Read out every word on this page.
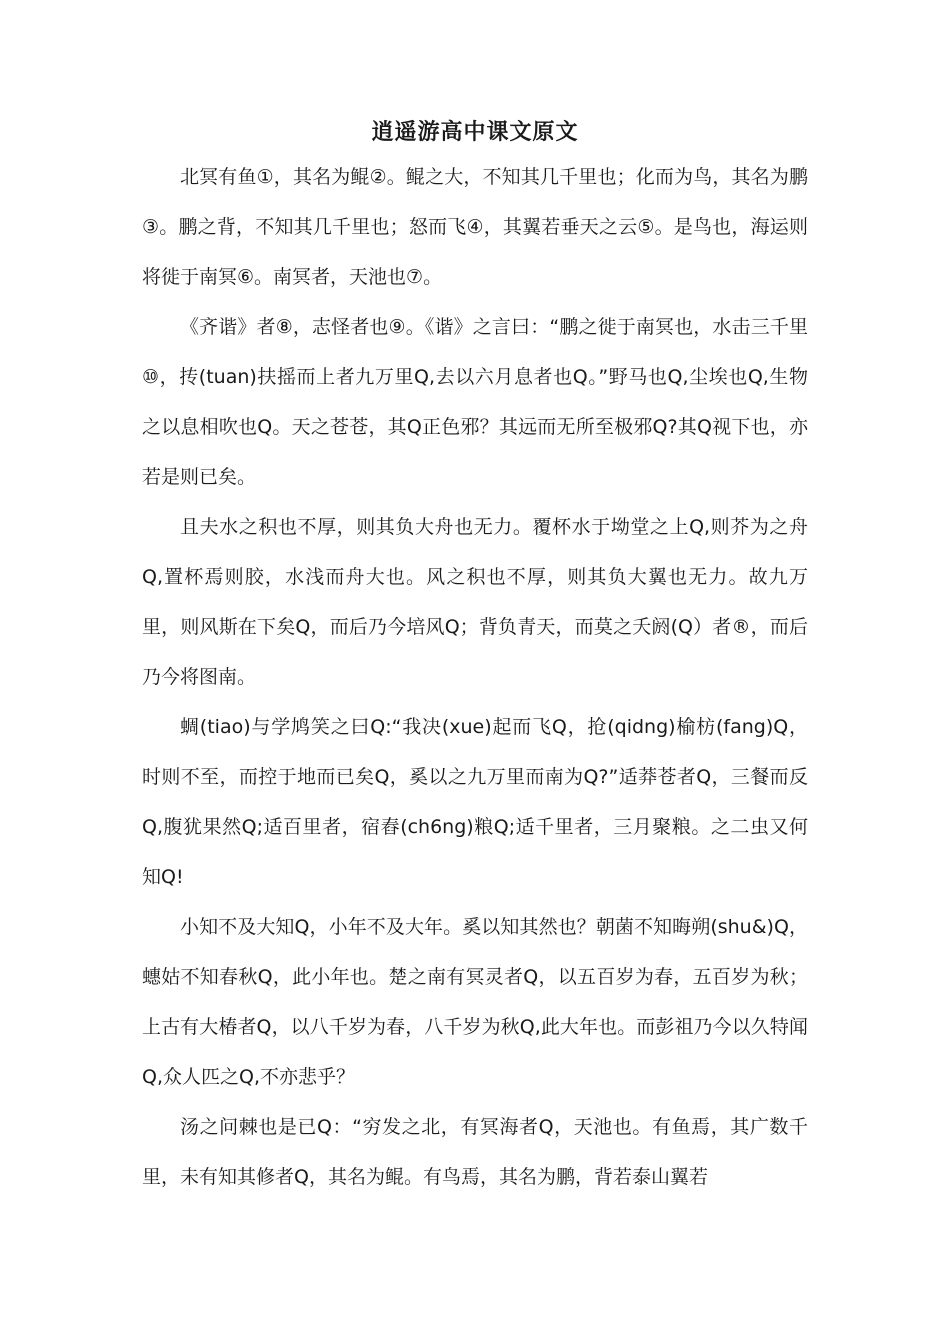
逍遥游高中课文原文

北冥有鱼①，其名为鲲②。鲲之大，不知其几千里也；化而为鸟，其名为鹏③。鹏之背，不知其几千里也；怒而飞④，其翼若垂天之云⑤。是鸟也，海运则将徙于南冥⑥。南冥者，天池也⑦。

《齐谐》者⑧，志怪者也⑨。《谐》之言曰：“鹏之徙于南冥也，水击三千里⑩，抟(tuan)扶摇而上者九万里Q,去以六月息者也Q。”野马也Q,尘埃也Q,生物之以息相吹也Q。天之苍苍，其Q正色邪？其远而无所至极邪Q?其Q视下也，亦若是则已矣。

且夫水之积也不厚，则其负大舟也无力。覆杯水于坳堂之上Q,则芥为之舟Q,置杯焉则胶，水浅而舟大也。风之积也不厚，则其负大翼也无力。故九万里，则风斯在下矣Q，而后乃今培风Q；背负青天，而莫之夭阏(Q）者®，而后乃今将图南。

蜩(tiao)与学鸠笑之曰Q:“我决(xue)起而飞Q，抢(qidng)榆枋(fang)Q，时则不至，而控于地而已矣Q，奚以之九万里而南为Q?”适莽苍者Q，三餐而反Q,腹犹果然Q;适百里者，宿舂(ch6ng)粮Q;适千里者，三月聚粮。之二虫又何知Q!

小知不及大知Q，小年不及大年。奚以知其然也？朝菌不知晦朔(shu&)Q，蟪姑不知春秋Q，此小年也。楚之南有冥灵者Q，以五百岁为春，五百岁为秋；上古有大椿者Q，以八千岁为春，八千岁为秋Q,此大年也。而彭祖乃今以久特闻Q,众人匹之Q,不亦悲乎？

汤之问棘也是已Q：“穷发之北，有冥海者Q，天池也。有鱼焉，其广数千里，未有知其修者Q，其名为鲲。有鸟焉，其名为鹏，背若泰山翼若
